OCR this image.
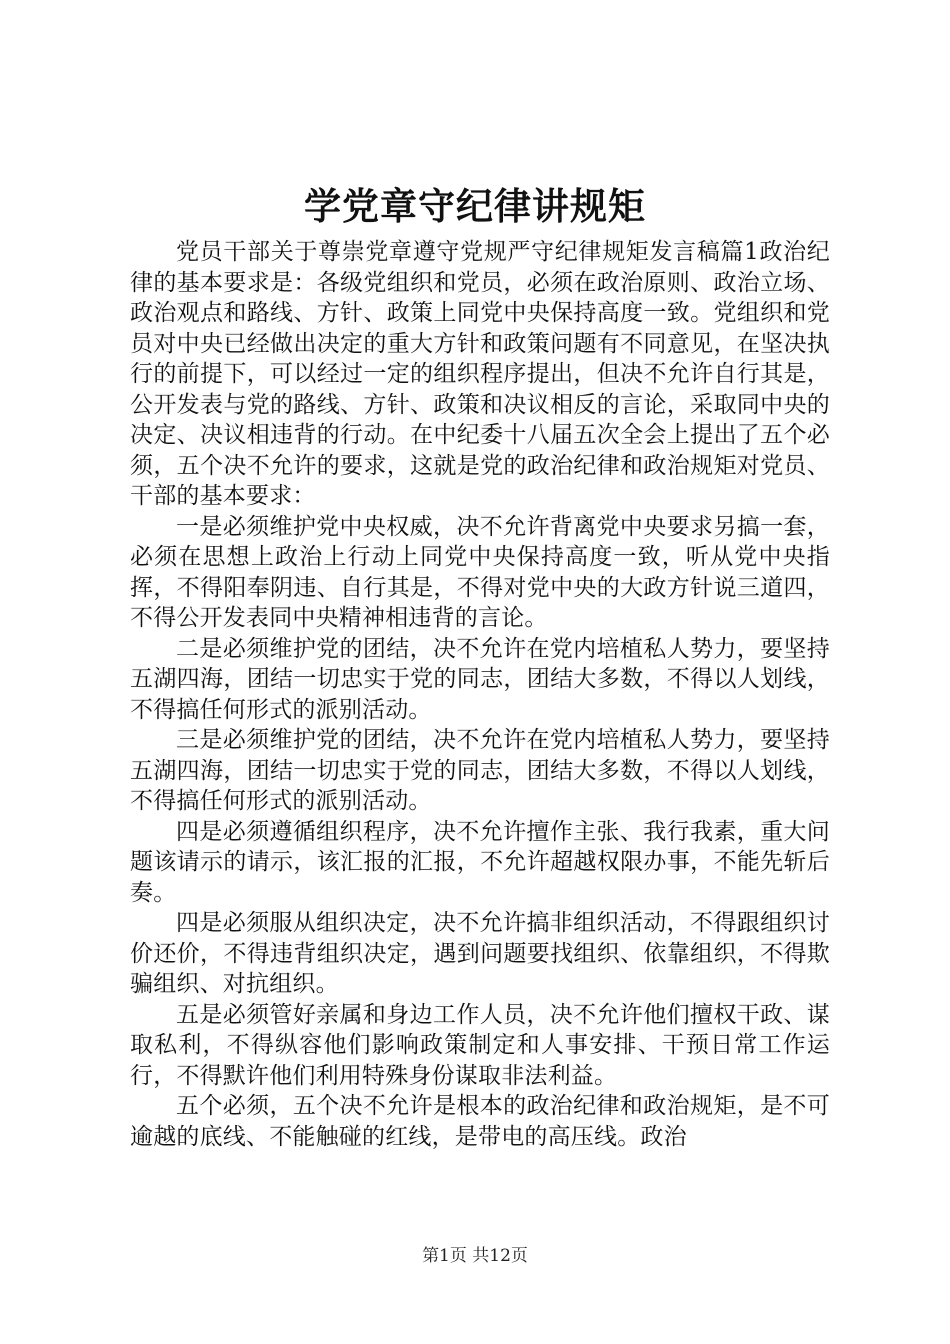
学党章守纪律讲规矩

党员干部关于尊崇党章遵守党规严守纪律规矩发言稿篇1政治纪律的基本要求是：各级党组织和党员，必须在政治原则、政治立场、政治观点和路线、方针、政策上同党中央保持高度一致。党组织和党员对中央已经做出决定的重大方针和政策问题有不同意见，在坚决执行的前提下，可以经过一定的组织程序提出，但决不允许自行其是，公开发表与党的路线、方针、政策和决议相反的言论，采取同中央的决定、决议相违背的行动。在中纪委十八届五次全会上提出了五个必须，五个决不允许的要求，这就是党的政治纪律和政治规矩对党员、干部的基本要求：

一是必须维护党中央权威，决不允许背离党中央要求另搞一套，必须在思想上政治上行动上同党中央保持高度一致，听从党中央指挥，不得阳奉阴违、自行其是，不得对党中央的大政方针说三道四，不得公开发表同中央精神相违背的言论。

二是必须维护党的团结，决不允许在党内培植私人势力，要坚持五湖四海，团结一切忠实于党的同志，团结大多数，不得以人划线，不得搞任何形式的派别活动。

三是必须维护党的团结，决不允许在党内培植私人势力，要坚持五湖四海，团结一切忠实于党的同志，团结大多数，不得以人划线，不得搞任何形式的派别活动。

四是必须遵循组织程序，决不允许擅作主张、我行我素，重大问题该请示的请示，该汇报的汇报，不允许超越权限办事，不能先斩后奏。

四是必须服从组织决定，决不允许搞非组织活动，不得跟组织讨价还价，不得违背组织决定，遇到问题要找组织、依靠组织，不得欺骗组织、对抗组织。

五是必须管好亲属和身边工作人员，决不允许他们擅权干政、谋取私利，不得纵容他们影响政策制定和人事安排、干预日常工作运行，不得默许他们利用特殊身份谋取非法利益。

五个必须，五个决不允许是根本的政治纪律和政治规矩，是不可逾越的底线、不能触碰的红线，是带电的高压线。政治

第1页 共12页
